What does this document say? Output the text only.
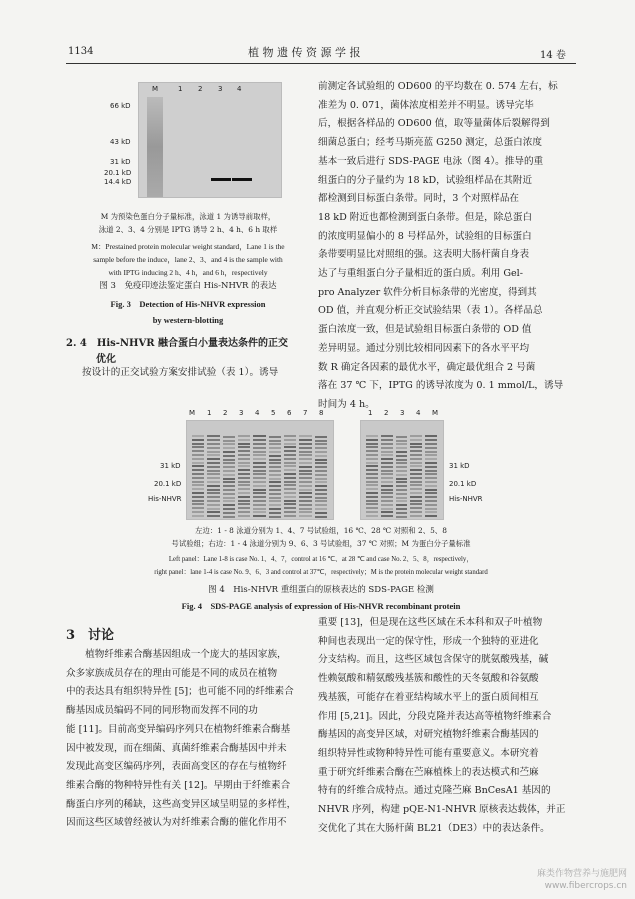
1134	植 物 遗 传 资 源 学 报	14 卷
M	1 2 3 4
66 kD
43 kD
31 kD
20.1 kD
14.4 kD
M 为预染色蛋白分子量标准，泳道 1 为诱导前取样，
泳道 2、3、4 分别是 IPTG 诱导 2 h、4 h、6 h 取样
M：Prestained protein molecular weight standard，Lane 1 is the
sample before the induce，lane 2、3、and 4 is the sample with
with IPTG inducing 2 h、4 h，and 6 h，respectively
图 3　免疫印迹法鉴定蛋白 His-NHVR 的表达
Fig. 3　Detection of His-NHVR expression
by western-blotting
2. 4　His-NHVR 融合蛋白小量表达条件的正交
优化
按设计的正交试验方案安排试验（表 1）。诱导
前测定各试验组的 OD600 的平均数在 0. 574 左右，标
准差为 0. 071，菌体浓度相差并不明显。诱导完毕
后，根据各样品的 OD600 值，取等量菌体后裂解得到
细菌总蛋白；经考马斯亮蓝 G250 测定，总蛋白浓度
基本一致后进行 SDS-PAGE 电泳（图 4）。推导的重
组蛋白的分子量约为 18 kD，试验组样品在其附近
都检测到目标蛋白条带。同时，3 个对照样品在
18 kD 附近也都检测到蛋白条带。但是，除总蛋白
的浓度明显偏小的 8 号样品外，试验组的目标蛋白
条带要明显比对照组的强。这表明大肠杆菌自身表
达了与重组蛋白分子量相近的蛋白质。利用 Gel-
pro Analyzer 软件分析目标条带的光密度，得到其
OD 值，并直观分析正交试验结果（表 1）。各样品总
蛋白浓度一致，但是试验组目标蛋白条带的 OD 值
差异明显。通过分别比较相同因素下的各水平平均
数 R 确定各因素的最优水平，确定最优组合 2 号菌
落在 37 ℃ 下，IPTG 的诱导浓度为 0. 1 mmol/L，诱导
时间为 4 h。
M 1 2 3 4 5 6 7 8	1 2 3 4 M
31 kD
20.1 kD
His-NHVR
31 kD
20.1 kD
His-NHVR
左边：1 - 8 泳道分别为 1、4、7 号试验组，16 ℃、28 ℃ 对照和 2、5、8
号试验组；右边：1 - 4 泳道分别为 9、6、3 号试验组，37 ℃ 对照；M 为蛋白分子量标准
Left panel：Lane 1-8 is case No. 1、4、7，control at 16 ℃、at 28 ℃ and case No. 2、5、8，respectively，
right panel：lane 1-4 is case No. 9、6、3 and control at 37℃，respectively；M is the protein molecular weight standard
图 4　His-NHVR 重组蛋白的原核表达的 SDS-PAGE 检测
Fig. 4　SDS-PAGE analysis of expression of His-NHVR recombinant protein
3　讨论
　　植物纤维素合酶基因组成一个庞大的基因家族，
众多家族成员存在的理由可能是不同的成员在植物
中的表达具有组织特异性 [5]；也可能不同的纤维素合
酶基因成员编码不同的同形物而发挥不同的功
能 [11]。目前高变异编码序列只在植物纤维素合酶基
因中被发现，而在细菌、真菌纤维素合酶基因中并未
发现此高变区编码序列，表面高变区的存在与植物纤
维素合酶的物种特异性有关 [12]。早期由于纤维素合
酶蛋白序列的稀缺，这些高变异区域呈明显的多样性，
因而这些区域曾经被认为对纤维素合酶的催化作用不
重要 [13]，但是现在这些区域在禾本科和双子叶植物
种间也表现出一定的保守性，形成一个独特的亚进化
分支结构。而且，这些区域包含保守的胱氨酸残基，碱
性赖氨酸和精氨酸残基簇和酸性的天冬氨酸和谷氨酸
残基簇，可能存在着亚结构域水平上的蛋白质间相互
作用 [5,21]。因此，分段克隆并表达高等植物纤维素合
酶基因的高变异区域，对研究植物纤维素合酶基因的
组织特异性或物种特异性可能有重要意义。本研究着
重于研究纤维素合酶在苎麻植株上的表达模式和苎麻
特有的纤维合成特点。通过克隆苎麻 BnCesA1 基因的
NHVR 序列，构建 pQE-N1-NHVR 原核表达载体，并正
交优化了其在大肠杆菌 BL21（DE3）中的表达条件。
麻类作物营养与施肥网
www.fibercrops.cn
